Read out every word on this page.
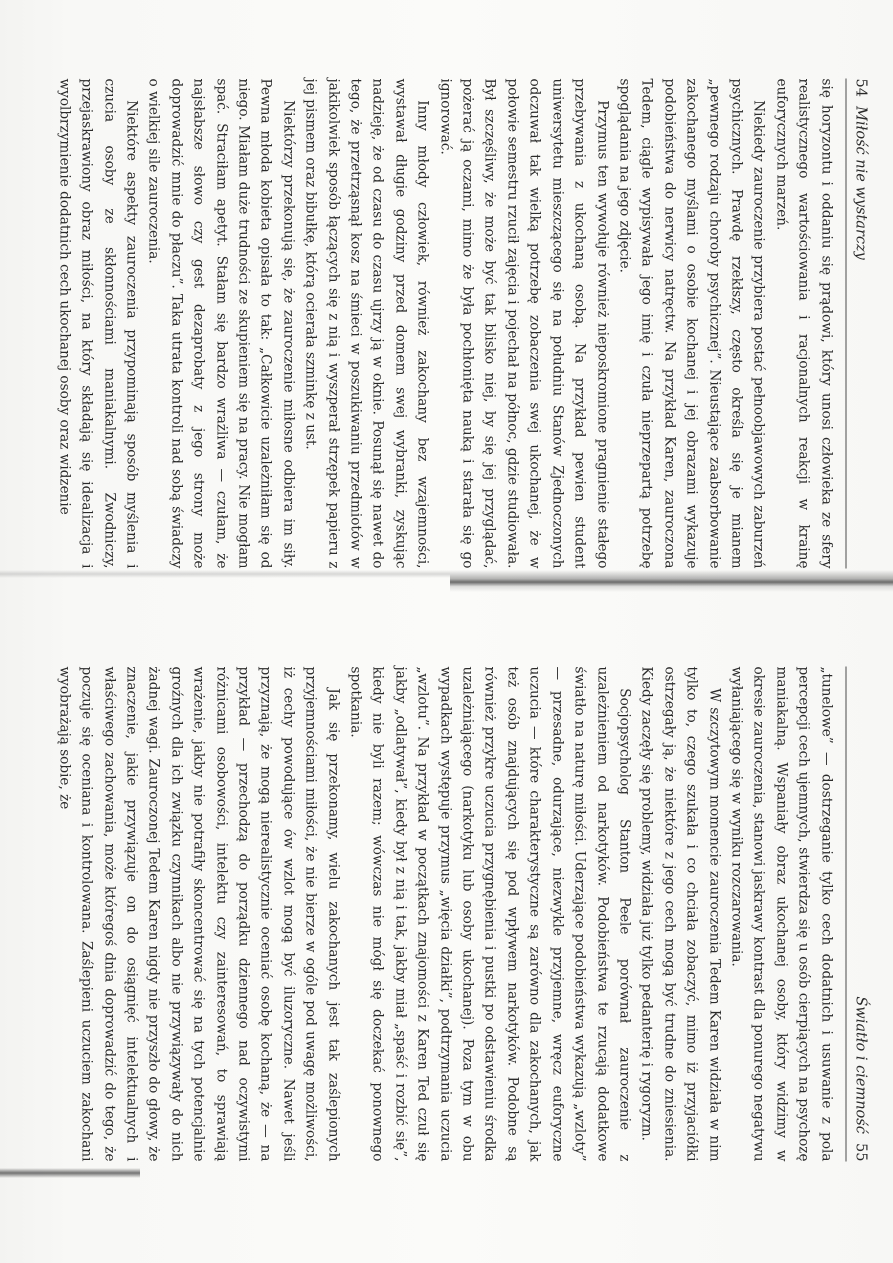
54  Miłość nie wystarczy

się horyzontu i oddaniu się prądowi, który unosi człowieka ze sfery realistycznego wartościowania i racjonalnych reakcji w krainę euforycznych marzeń.

Niekiedy zauroczenie przybiera postać pełnoobjawowych zaburzeń psychicznych. Prawdę rzekłszy, często określa się je mianem „pewnego rodzaju choroby psychicznej”. Nieustające zaabsorbowanie zakochanego myślami o osobie kochanej i jej obrazami wykazuje podobieństwa do nerwicy natręctw. Na przykład Karen, zauroczona Tedem, ciągle wypisywała jego imię i czuła nieprzepartą potrzebę spoglądania na jego zdjęcie.

Przymus ten wywołuje również nieposkromione pragnienie stałego przebywania z ukochaną osobą. Na przykład pewien student uniwersytetu mieszczącego się na południu Stanów Zjednoczonych odczuwał tak wielką potrzebę zobaczenia swej ukochanej, że w połowie semestru rzucił zajęcia i pojechał na północ, gdzie studiowała. Był szczęśliwy, że może być tak blisko niej, by się jej przyglądać, pożerać ją oczami, mimo że była pochłonięta nauką i starała się go ignorować.

Inny młody człowiek, również zakochany bez wzajemności, wystawał długie godziny przed domem swej wybranki, zyskując nadzieję, że od czasu do czasu ujrzy ją w oknie. Posunął się nawet do tego, że przetrząsnął kosz na śmieci w poszukiwaniu przedmiotów w jakikolwiek sposób łączących się z nią i wyszperał strzępek papieru z jej pismem oraz bibułkę, którą ocierała szminkę z ust.

Niektórzy przekonują się, że zauroczenie miłosne odbiera im siły. Pewna młoda kobieta opisała to tak: „Całkowicie uzależniłam się od niego. Miałam duże trudności ze skupieniem się na pracy. Nie mogłam spać. Straciłam apetyt. Stałam się bardzo wrażliwa — czułam, że najsłabsze słowo czy gest dezaprobaty z jego strony może doprowadzić mnie do płaczu”. Taka utrata kontroli nad sobą świadczy o wielkiej sile zauroczenia.

Niektóre aspekty zauroczenia przypominają sposób myślenia i czucia osoby ze skłonnościami maniakalnymi. Zwodniczy, przejaskrawiony obraz miłości, na który składają się idealizacja i wyolbrzymienie dodatnich cech ukochanej osoby oraz widzenie

Światło i ciemność  55

„tunelowe” — dostrzeganie tylko cech dodatnich i usuwanie z pola percepcji cech ujemnych, stwierdza się u osób cierpiących na psychozę maniakalną. Wspaniały obraz ukochanej osoby, który widzimy w okresie zauroczenia, stanowi jaskrawy kontrast dla ponurego negatywu wyłaniającego się w wyniku rozczarowania.

W szczytowym momencie zauroczenia Tedem Karen widziała w nim tylko to, czego szukała i co chciała zobaczyć, mimo iż przyjaciółki ostrzegały ją, że niektóre z jego cech mogą być trudne do zniesienia. Kiedy zaczęły się problemy, widziała już tylko pedanterię i rygoryzm.

Socjopsycholog Stanton Peele porównał zauroczenie z uzależnieniem od narkotyków. Podobieństwa te rzucają dodatkowe światło na naturę miłości. Uderzające podobieństwa wykazują „wzloty” — przesadne, odurzające, niezwykle przyjemne, wręcz euforyczne uczucia — które charakterystyczne są zarówno dla zakochanych, jak też osób znajdujących się pod wpływem narkotyków. Podobne są również przykre uczucia przygnębienia i pustki po odstawieniu środka uzależniającego (narkotyku lub osoby ukochanej). Poza tym w obu wypadkach występuje przymus „więcia działki”, podtrzymania uczucia „wzlotu”. Na przykład w początkach znajomości z Karen Ted czuł się jakby „odlatywał”, kiedy był z nią i tak, jakby miał „spaść i rozbić się”, kiedy nie byli razem; wówczas nie mógł się doczekać ponownego spotkania.

Jak się przekonamy, wielu zakochanych jest tak zaślepionych przyjemnościami miłości, że nie bierze w ogóle pod uwagę możliwości, iż cechy powodujące ów wzlot mogą być iluzoryczne. Nawet jeśli przyznają, że mogą nierealistycznie oceniać osobę kochaną, że — na przykład — przechodzą do porządku dziennego nad oczywistymi różnicami osobowości, intelektu czy zainteresowań, to sprawiają wrażenie, jakby nie potrafiły skoncentrować się na tych potencjalnie groźnych dla ich związku czynnikach albo nie przywiązywały do nich żadnej wagi. Zauroczonej Tedem Karen nigdy nie przyszło do głowy, że znaczenie, jakie przywiązuje on do osiągnięć intelektualnych i właściwego zachowania, może któregoś dnia doprowadzić do tego, że poczuje się oceniana i kontrolowana. Zaślepieni uczuciem zakochani wyobrażają sobie, że
